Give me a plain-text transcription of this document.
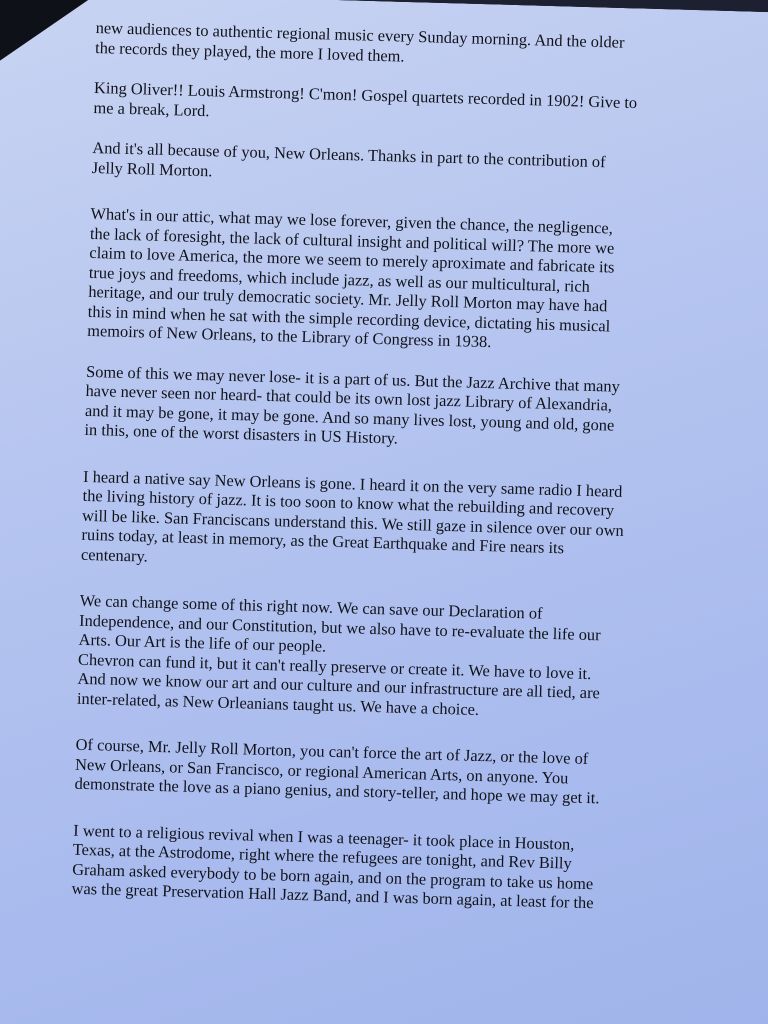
new audiences to authentic regional music every Sunday morning. And the older
the records they played, the more I loved them.

King Oliver!! Louis Armstrong! C'mon! Gospel quartets recorded in 1902! Give to
me a break, Lord.

And it's all because of you, New Orleans. Thanks in part to the contribution of
Jelly Roll Morton.

What's in our attic, what may we lose forever, given the chance, the negligence,
the lack of foresight, the lack of cultural insight and political will? The more we
claim to love America, the more we seem to merely aproximate and fabricate its
true joys and freedoms, which include jazz, as well as our multicultural, rich
heritage, and our truly democratic society. Mr. Jelly Roll Morton may have had
this in mind when he sat with the simple recording device, dictating his musical
memoirs of New Orleans, to the Library of Congress in 1938.

Some of this we may never lose- it is a part of us. But the Jazz Archive that many
have never seen nor heard- that could be its own lost jazz Library of Alexandria,
and it may be gone, it may be gone. And so many lives lost, young and old, gone
in this, one of the worst disasters in US History.

I heard a native say New Orleans is gone. I heard it on the very same radio I heard
the living history of jazz. It is too soon to know what the rebuilding and recovery
will be like. San Franciscans understand this. We still gaze in silence over our own
ruins today, at least in memory, as the Great Earthquake and Fire nears its
centenary.

We can change some of this right now. We can save our Declaration of
Independence, and our Constitution, but we also have to re-evaluate the life our
Arts. Our Art is the life of our people.
Chevron can fund it, but it can't really preserve or create it. We have to love it.
And now we know our art and our culture and our infrastructure are all tied, are
inter-related, as New Orleanians taught us. We have a choice.

Of course, Mr. Jelly Roll Morton, you can't force the art of Jazz, or the love of
New Orleans, or San Francisco, or regional American Arts, on anyone. You
demonstrate the love as a piano genius, and story-teller, and hope we may get it.

I went to a religious revival when I was a teenager- it took place in Houston,
Texas, at the Astrodome, right where the refugees are tonight, and Rev Billy
Graham asked everybody to be born again, and on the program to take us home
was the great Preservation Hall Jazz Band, and I was born again, at least for the
